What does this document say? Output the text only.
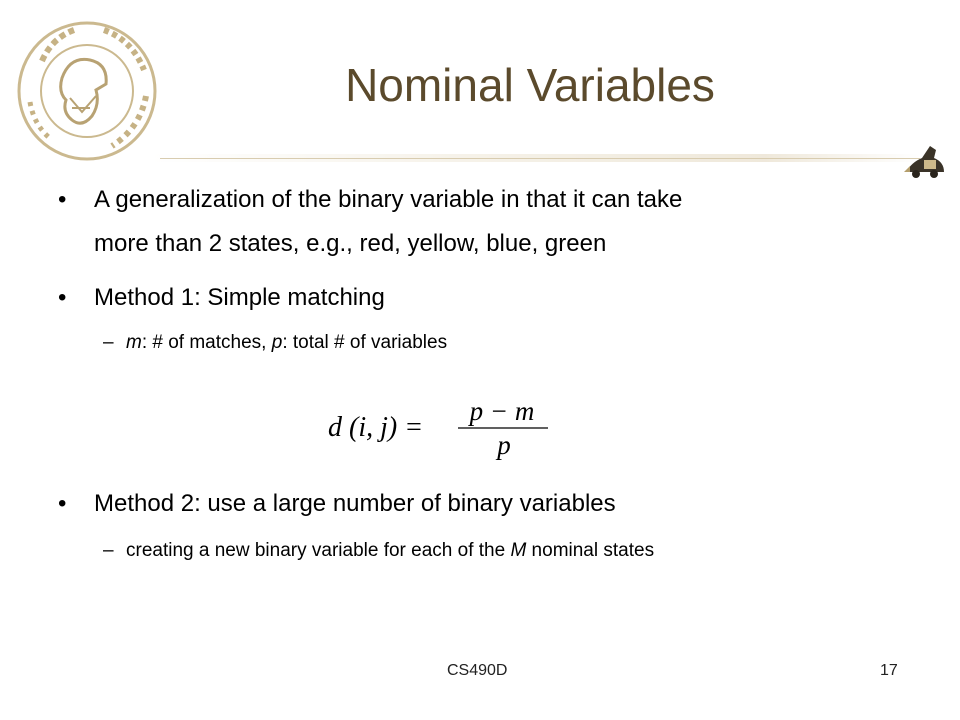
Nominal Variables
• A generalization of the binary variable in that it can take
more than 2 states, e.g., red, yellow, blue, green
• Method 1: Simple matching
– m: # of matches, p: total # of variables
d (i, j) =
p − m
p
• Method 2: use a large number of binary variables
– creating a new binary variable for each of the M nominal states
CS490D	17
